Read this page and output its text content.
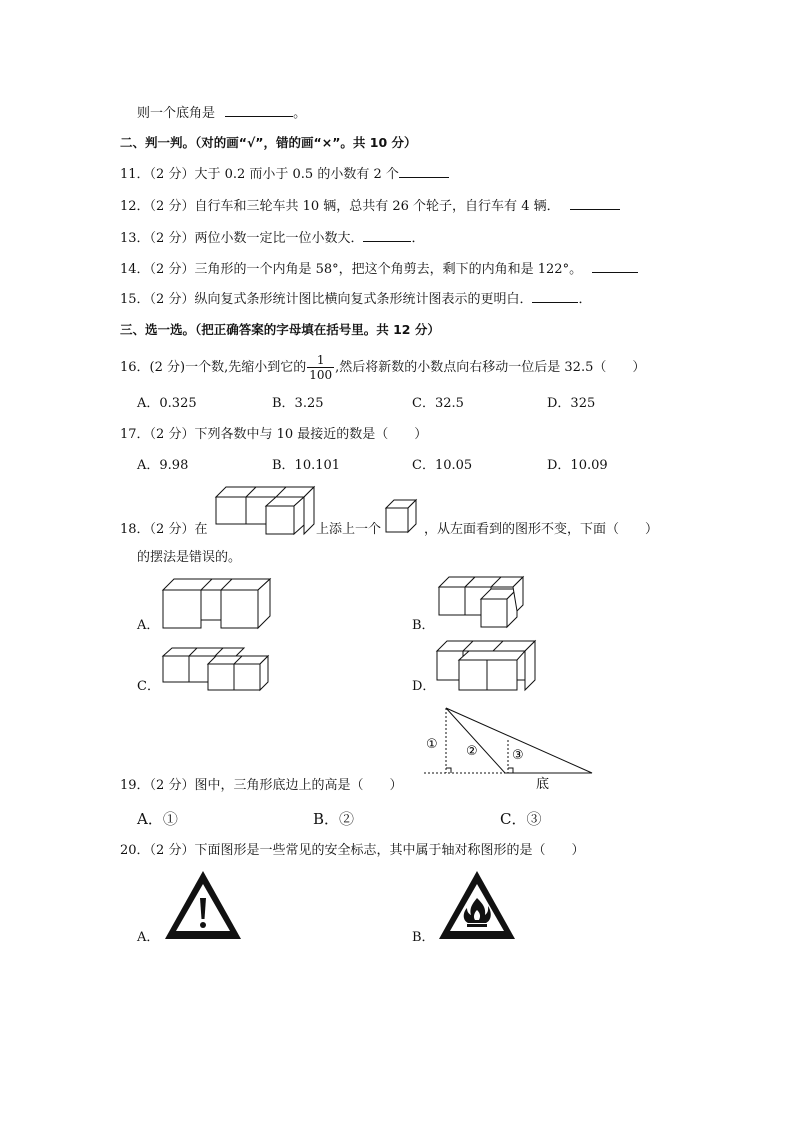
则一个底角是	。
二、判一判。（对的画“√”，错的画“×”。共 10 分）
11．（2 分）大于 0.2 而小于 0.5 的小数有 2 个
12．（2 分）自行车和三轮车共 10 辆，总共有 26 个轮子，自行车有 4 辆．
13．（2 分）两位小数一定比一位小数大．	．
14．（2 分）三角形的一个内角是 58°，把这个角剪去，剩下的内角和是 122°。
15．（2 分）纵向复式条形统计图比横向复式条形统计图表示的更明白．	．
三、选一选。（把正确答案的字母填在括号里。共 12 分）
16．(2 分)一个数,先缩小到它的 $\frac{1}{100}$ ,然后将新数的小数点向右移动一位后是 32.5（　　）
A．0.325	B．3.25	C．32.5	D．325
17．（2 分）下列各数中与 10 最接近的数是（　　）
A．9.98	B．10.101	C．10.05	D．10.09
18．（2 分）在	上添上一个	，从左面看到的图形不变，下面（　　）
的摆法是错误的。
A．	B．
C．	D．
① ②	③
底
19．（2 分）图中，三角形底边上的高是（　　）
A．①	B．②	C．③
20．（2 分）下面图形是一些常见的安全标志，其中属于轴对称图形的是（　　）
A．	B．
